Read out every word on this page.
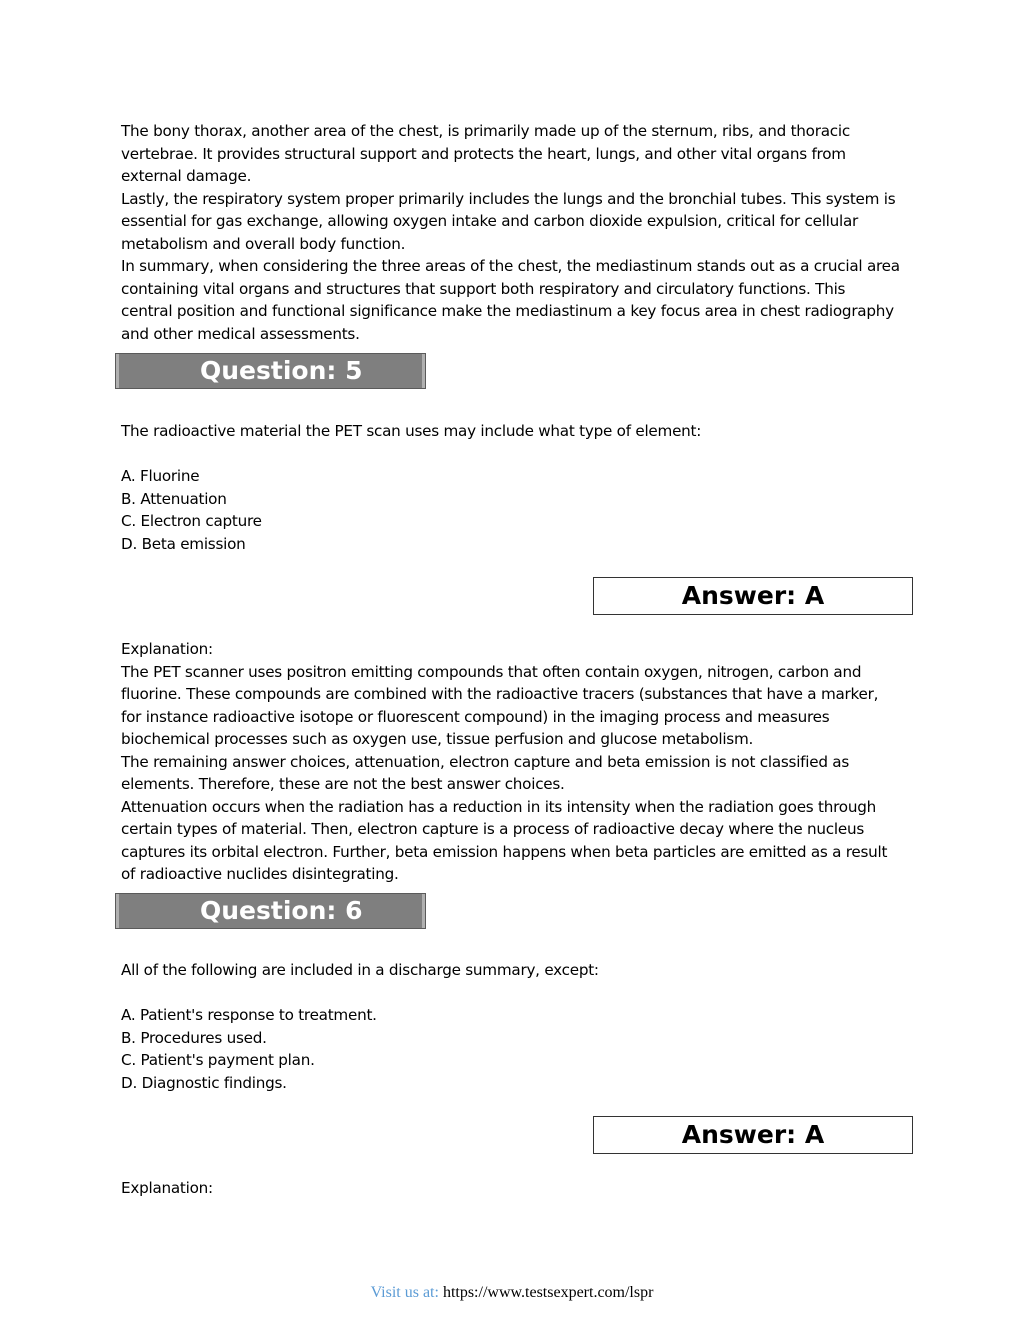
The bony thorax, another area of the chest, is primarily made up of the sternum, ribs, and thoracic
vertebrae. It provides structural support and protects the heart, lungs, and other vital organs from
external damage.
Lastly, the respiratory system proper primarily includes the lungs and the bronchial tubes. This system is
essential for gas exchange, allowing oxygen intake and carbon dioxide expulsion, critical for cellular
metabolism and overall body function.
In summary, when considering the three areas of the chest, the mediastinum stands out as a crucial area
containing vital organs and structures that support both respiratory and circulatory functions. This
central position and functional significance make the mediastinum a key focus area in chest radiography
and other medical assessments.
Question: 5
The radioactive material the PET scan uses may include what type of element:
A. Fluorine
B. Attenuation
C. Electron capture
D. Beta emission
Answer: A
Explanation:
The PET scanner uses positron emitting compounds that often contain oxygen, nitrogen, carbon and
fluorine. These compounds are combined with the radioactive tracers (substances that have a marker,
for instance radioactive isotope or fluorescent compound) in the imaging process and measures
biochemical processes such as oxygen use, tissue perfusion and glucose metabolism.
The remaining answer choices, attenuation, electron capture and beta emission is not classified as
elements. Therefore, these are not the best answer choices.
Attenuation occurs when the radiation has a reduction in its intensity when the radiation goes through
certain types of material. Then, electron capture is a process of radioactive decay where the nucleus
captures its orbital electron. Further, beta emission happens when beta particles are emitted as a result
of radioactive nuclides disintegrating.
Question: 6
All of the following are included in a discharge summary, except:
A. Patient's response to treatment.
B. Procedures used.
C. Patient's payment plan.
D. Diagnostic findings.
Answer: A
Explanation:
Visit us at: https://www.testsexpert.com/lspr
